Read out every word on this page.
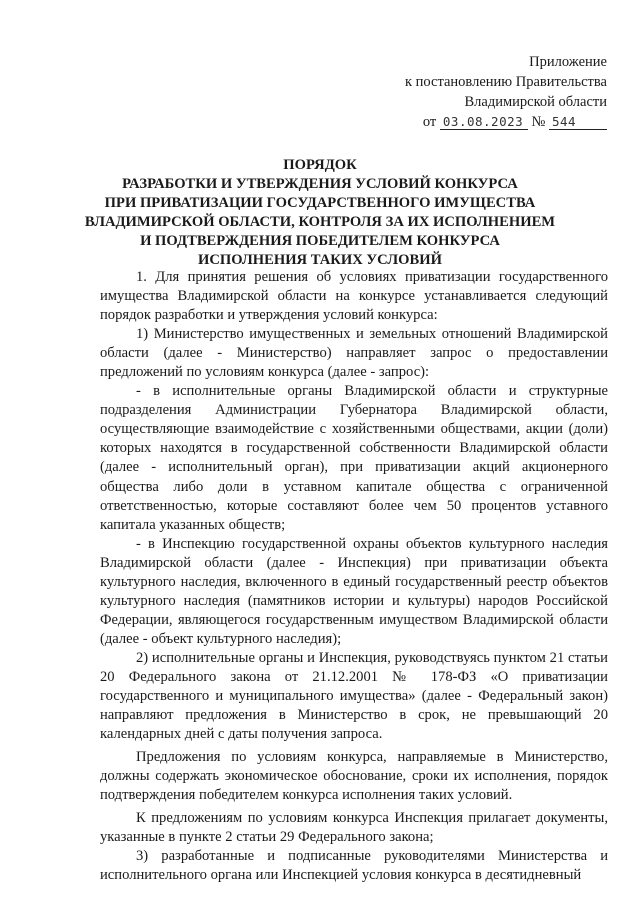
Приложение
к постановлению Правительства
Владимирской области
от 03.08.2023 № 544
ПОРЯДОК
РАЗРАБОТКИ И УТВЕРЖДЕНИЯ УСЛОВИЙ КОНКУРСА
ПРИ ПРИВАТИЗАЦИИ ГОСУДАРСТВЕННОГО ИМУЩЕСТВА
ВЛАДИМИРСКОЙ ОБЛАСТИ, КОНТРОЛЯ ЗА ИХ ИСПОЛНЕНИЕМ
И ПОДТВЕРЖДЕНИЯ ПОБЕДИТЕЛЕМ КОНКУРСА
ИСПОЛНЕНИЯ ТАКИХ УСЛОВИЙ

1. Для принятия решения об условиях приватизации государственного имущества Владимирской области на конкурсе устанавливается следующий порядок разработки и утверждения условий конкурса:

1) Министерство имущественных и земельных отношений Владимирской области (далее - Министерство) направляет запрос о предоставлении предложений по условиям конкурса (далее - запрос):

- в исполнительные органы Владимирской области и структурные подразделения Администрации Губернатора Владимирской области, осуществляющие взаимодействие с хозяйственными обществами, акции (доли) которых находятся в государственной собственности Владимирской области (далее - исполнительный орган), при приватизации акций акционерного общества либо доли в уставном капитале общества с ограниченной ответственностью, которые составляют более чем 50 процентов уставного капитала указанных обществ;

- в Инспекцию государственной охраны объектов культурного наследия Владимирской области (далее - Инспекция) при приватизации объекта культурного наследия, включенного в единый государственный реестр объектов культурного наследия (памятников истории и культуры) народов Российской Федерации, являющегося государственным имуществом Владимирской области (далее - объект культурного наследия);

2) исполнительные органы и Инспекция, руководствуясь пунктом 21 статьи 20 Федерального закона от 21.12.2001 № 178-ФЗ «О приватизации государственного и муниципального имущества» (далее - Федеральный закон) направляют предложения в Министерство в срок, не превышающий 20 календарных дней с даты получения запроса.

Предложения по условиям конкурса, направляемые в Министерство, должны содержать экономическое обоснование, сроки их исполнения, порядок подтверждения победителем конкурса исполнения таких условий.

К предложениям по условиям конкурса Инспекция прилагает документы, указанные в пункте 2 статьи 29 Федерального закона;

3) разработанные и подписанные руководителями Министерства и исполнительного органа или Инспекцией условия конкурса в десятидневный
